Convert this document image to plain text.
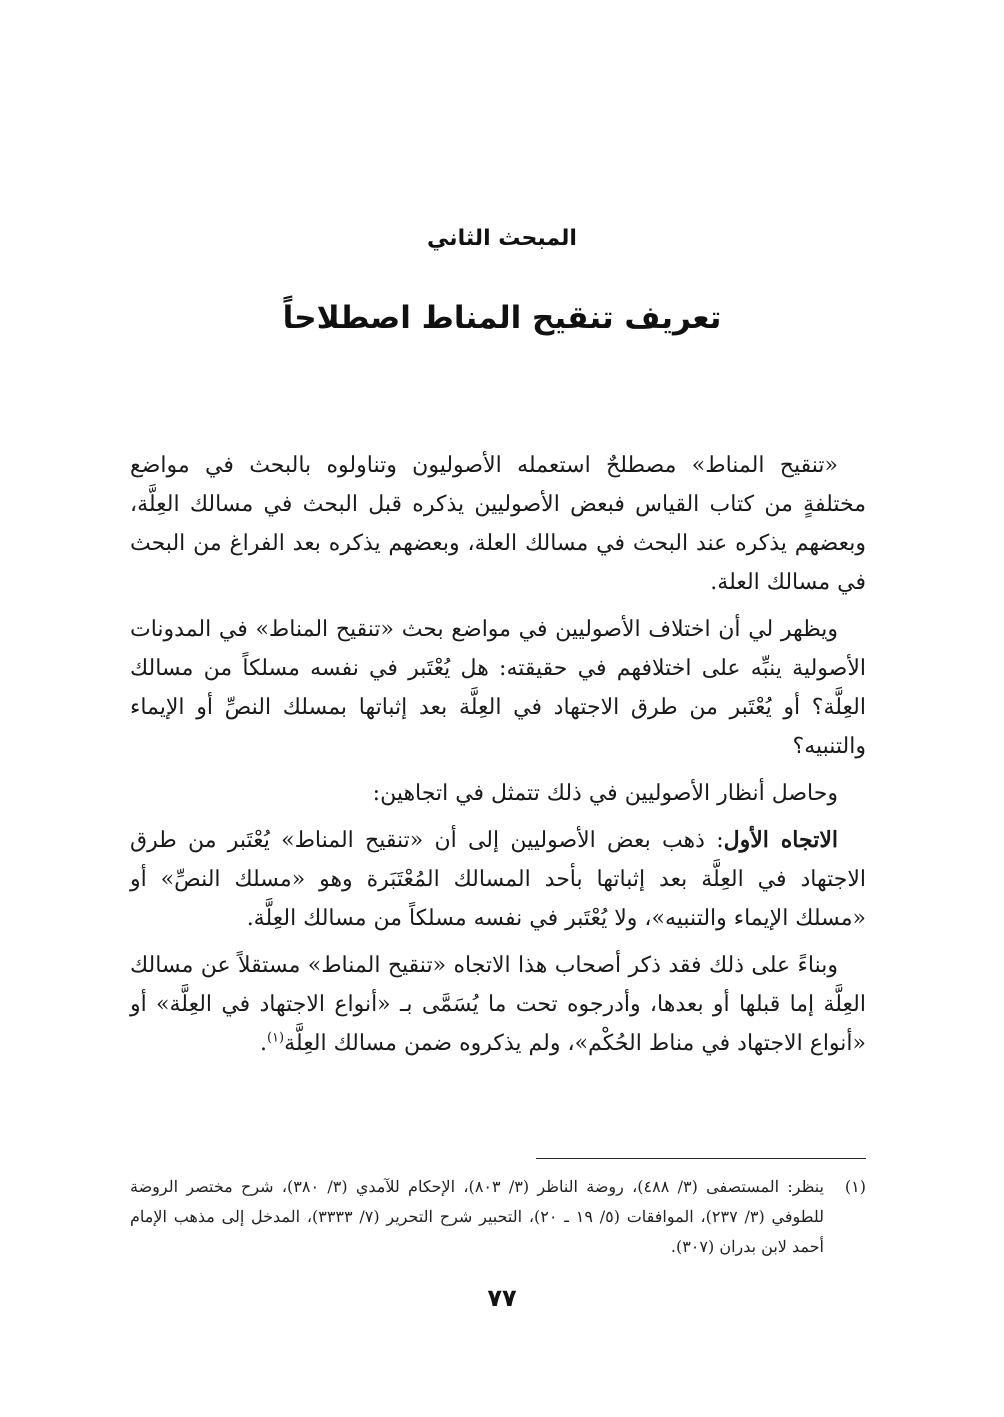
المبحث الثاني
تعريف تنقيح المناط اصطلاحاً

«تنقيح المناط» مصطلحٌ استعمله الأصوليون وتناولوه بالبحث في مواضع مختلفةٍ من كتاب القياس فبعض الأصوليين يذكره قبل البحث في مسالك العِلَّة، وبعضهم يذكره عند البحث في مسالك العلة، وبعضهم يذكره بعد الفراغ من البحث في مسالك العلة.

ويظهر لي أن اختلاف الأصوليين في مواضع بحث «تنقيح المناط» في المدونات الأصولية ينبِّه على اختلافهم في حقيقته: هل يُعْتَبر في نفسه مسلكاً من مسالك العِلَّة؟ أو يُعْتَبر من طرق الاجتهاد في العِلَّة بعد إثباتها بمسلك النصِّ أو الإيماء والتنبيه؟

وحاصل أنظار الأصوليين في ذلك تتمثل في اتجاهين:

الاتجاه الأول: ذهب بعض الأصوليين إلى أن «تنقيح المناط» يُعْتَبر من طرق الاجتهاد في العِلَّة بعد إثباتها بأحد المسالك المُعْتَبَرة وهو «مسلك النصِّ» أو «مسلك الإيماء والتنبيه»، ولا يُعْتَبر في نفسه مسلكاً من مسالك العِلَّة.

وبناءً على ذلك فقد ذكر أصحاب هذا الاتجاه «تنقيح المناط» مستقلاً عن مسالك العِلَّة إما قبلها أو بعدها، وأدرجوه تحت ما يُسَمَّى بـ «أنواع الاجتهاد في العِلَّة» أو «أنواع الاجتهاد في مناط الحُكْم»، ولم يذكروه ضمن مسالك العِلَّة$^{(١)}$.

(١)
ينظر: المستصفى (٣/ ٤٨٨)، روضة الناظر (٣/ ٨٠٣)، الإحكام للآمدي (٣/ ٣٨٠)، شرح مختصر الروضة للطوفي (٣/ ٢٣٧)، الموافقات (٥/ ١٩ ـ ٢٠)، التحبير شرح التحرير (٧/ ٣٣٣٣)، المدخل إلى مذهب الإمام أحمد لابن بدران (٣٠٧).
٧٧
